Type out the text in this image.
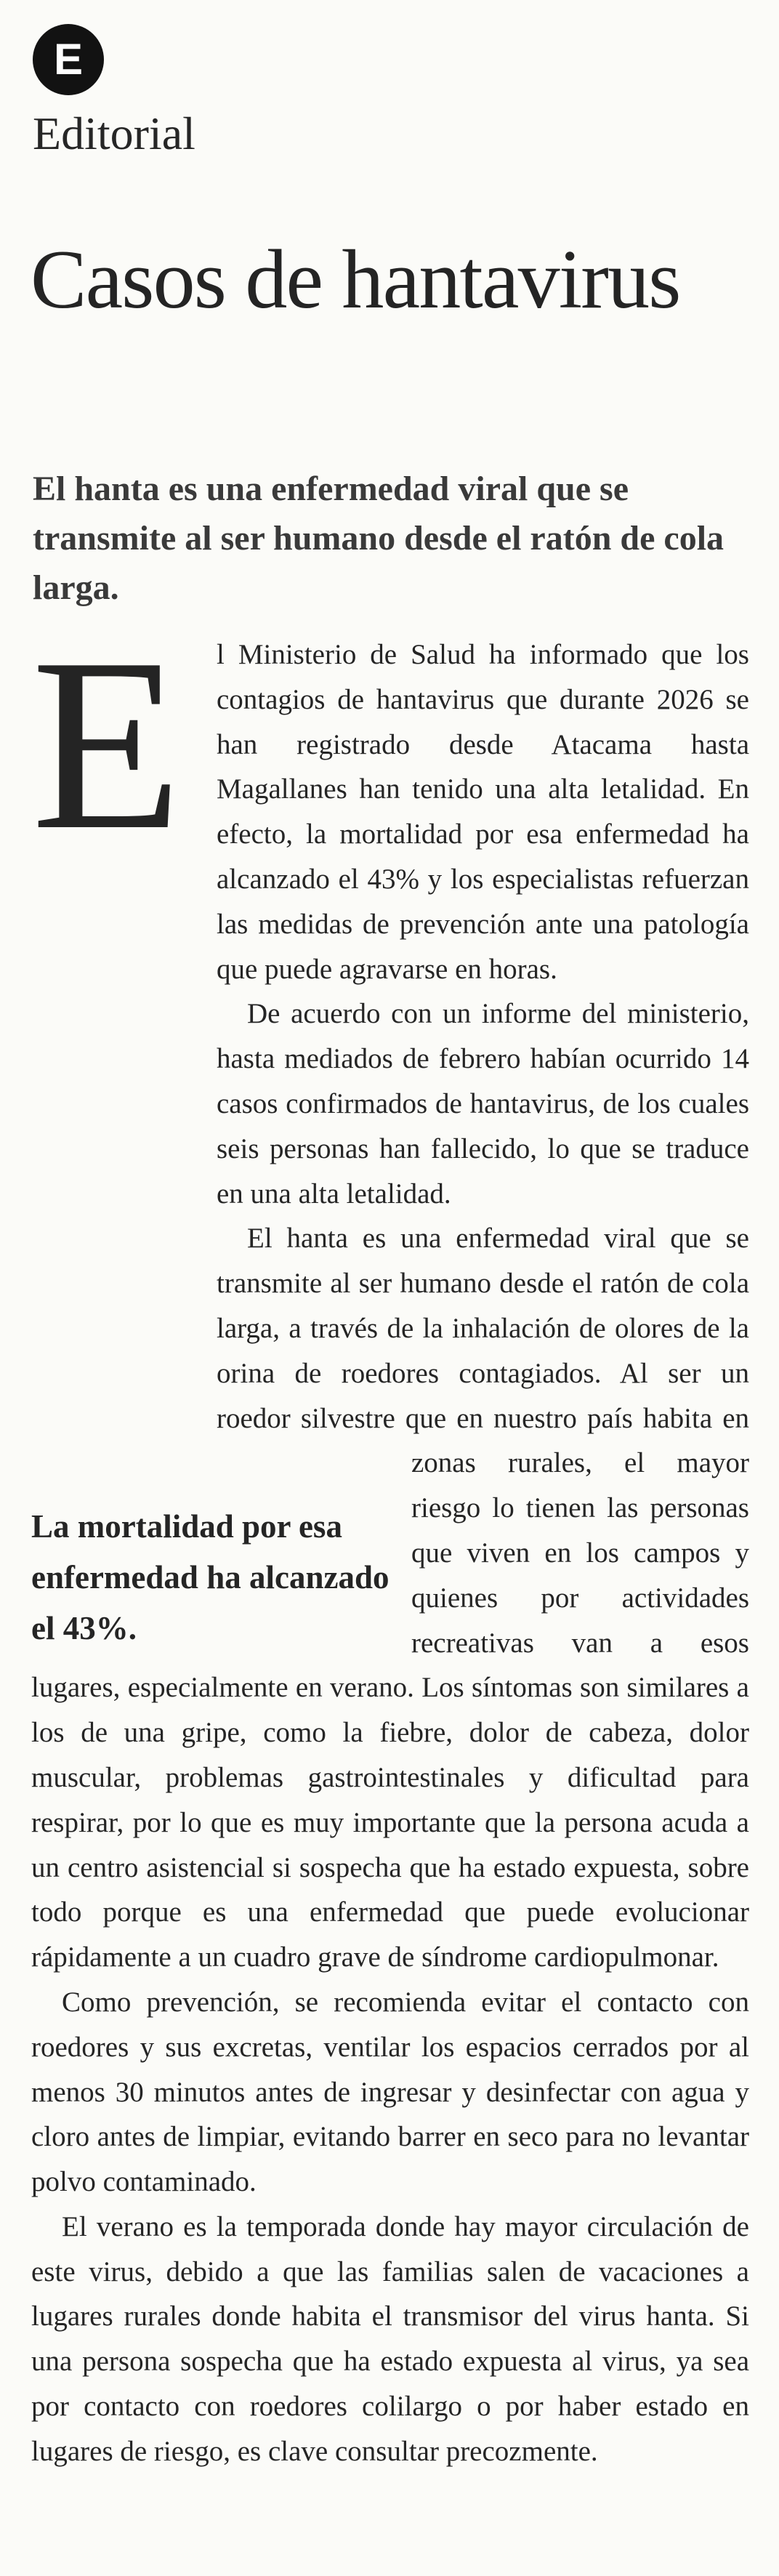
E
Editorial
Casos de hantavirus

El hanta es una enfermedad viral que se transmite al ser humano desde el ratón de cola larga.

E
La mortalidad por esa enfermedad ha alcanzado el 43%.

l Ministerio de Salud ha informado que los contagios de hantavirus que durante 2026 se han registrado desde Atacama hasta Magallanes han tenido una alta letalidad. En efecto, la mortalidad por esa enfermedad ha alcanzado el 43% y los especialistas refuerzan las medidas de prevención ante una patología que puede agravarse en horas.

De acuerdo con un informe del ministerio, hasta mediados de febrero habían ocurrido 14 casos confirmados de hantavirus, de los cuales seis personas han fallecido, lo que se traduce en una alta letalidad.

El hanta es una enfermedad viral que se transmite al ser humano desde el ratón de cola larga, a través de la inhalación de olores de la orina de roedores contagiados. Al ser un roedor silvestre que en nuestro país habita en zonas rurales, el mayor riesgo lo tienen las personas que viven en los campos y quienes por actividades recreativas van a esos lugares, especialmente en verano. Los síntomas son similares a los de una gripe, como la fiebre, dolor de cabeza, dolor muscular, problemas gastrointestinales y dificultad para respirar, por lo que es muy importante que la persona acuda a un centro asistencial si sospecha que ha estado expuesta, sobre todo porque es una enfermedad que puede evolucionar rápidamente a un cuadro grave de síndrome cardiopulmonar.

Como prevención, se recomienda evitar el contacto con roedores y sus excretas, ventilar los espacios cerrados por al menos 30 minutos antes de ingresar y desinfectar con agua y cloro antes de limpiar, evitando barrer en seco para no levantar polvo contaminado.

El verano es la temporada donde hay mayor circulación de este virus, debido a que las familias salen de vacaciones a lugares rurales donde habita el transmisor del virus hanta. Si una persona sospecha que ha estado expuesta al virus, ya sea por contacto con roedores colilargo o por haber estado en lugares de riesgo, es clave consultar precozmente.
